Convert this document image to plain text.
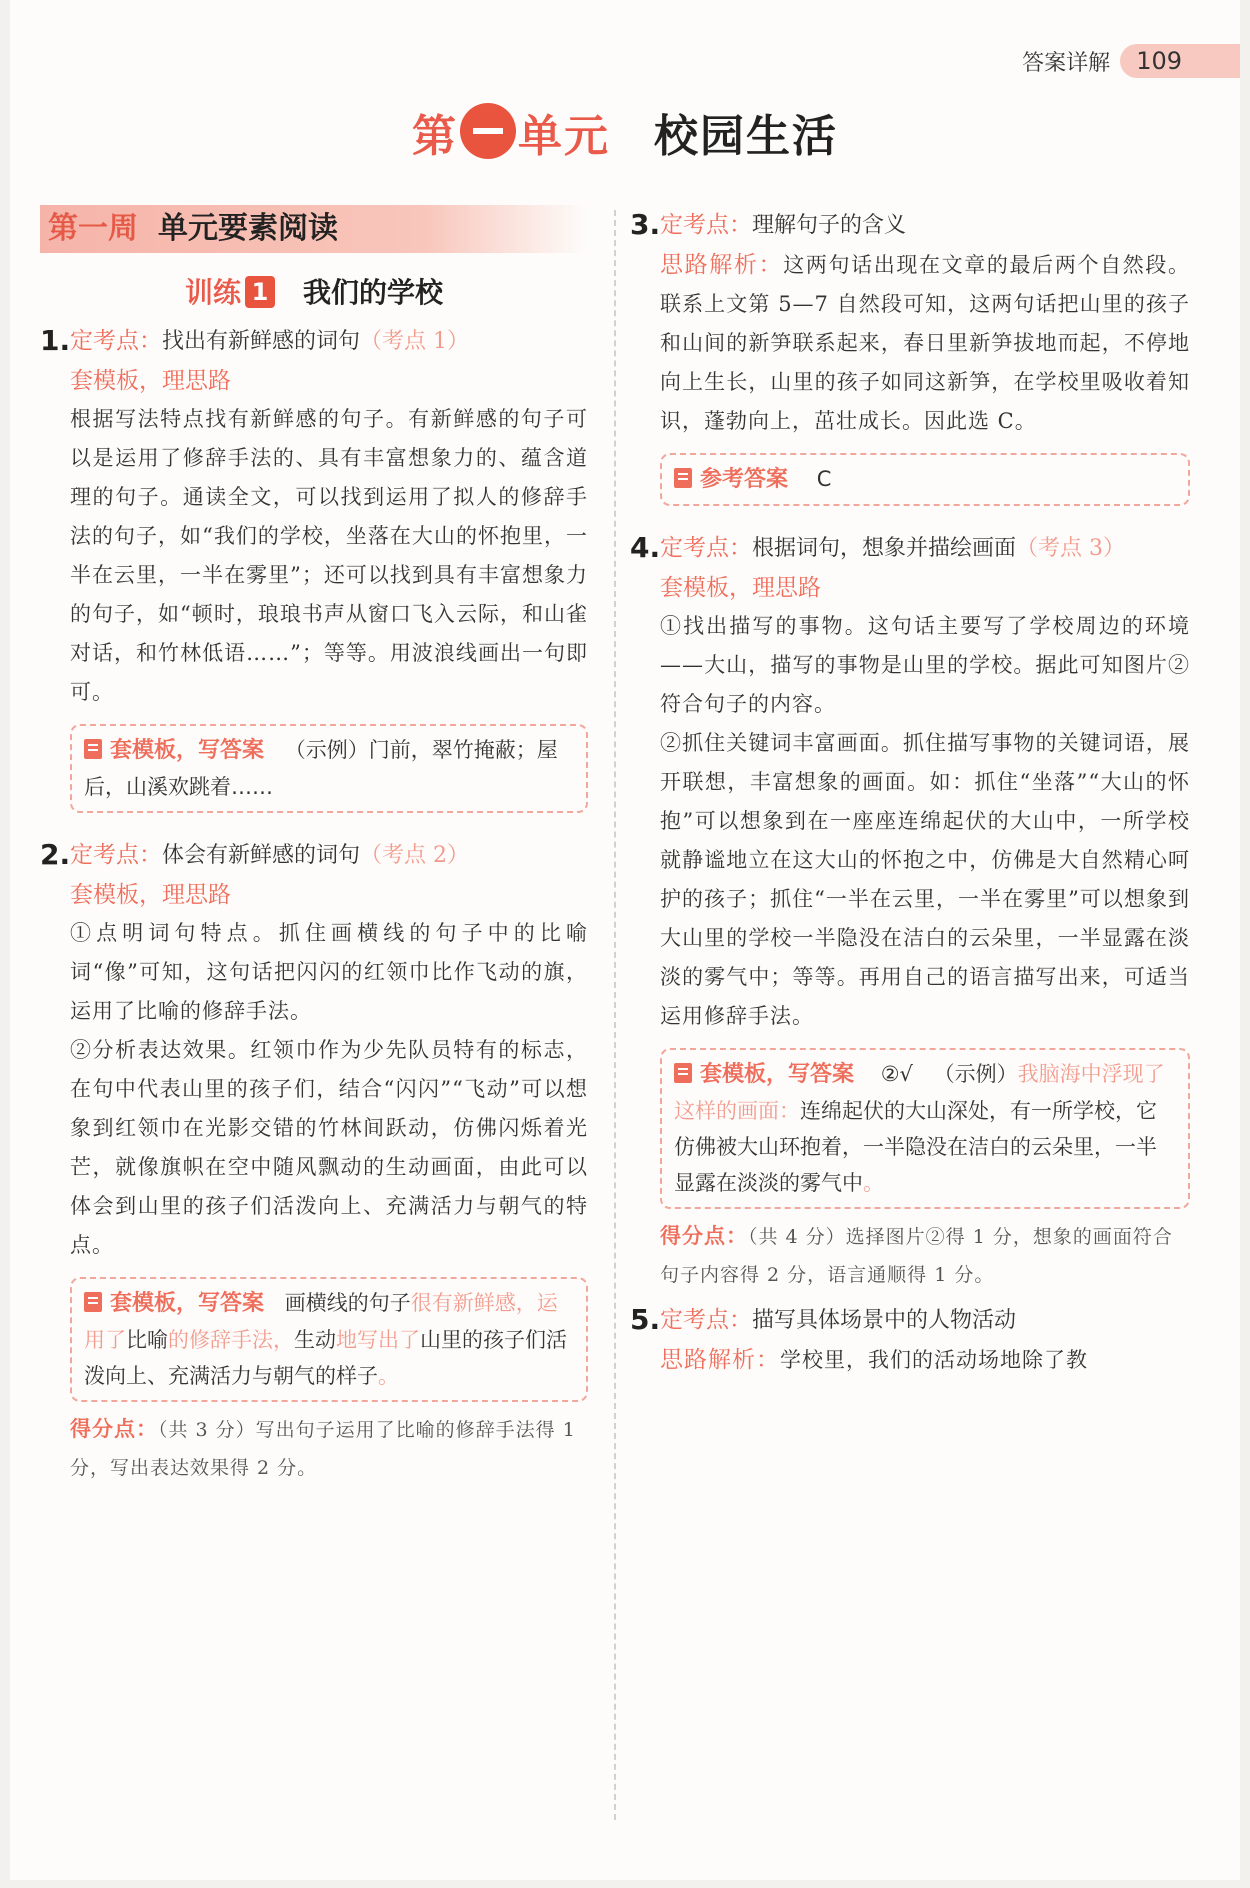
答案详解	109
第 单元 校园生活
第一周 单元要素阅读
训练 1 我们的学校
1. 定考点：找出有新鲜感的词句（考点 1）
套模板，理思路

根据写法特点找有新鲜感的句子。有新鲜感的句子可以是运用了修辞手法的、具有丰富想象力的、蕴含道理的句子。通读全文，可以找到运用了拟人的修辞手法的句子，如“我们的学校，坐落在大山的怀抱里，一半在云里，一半在雾里”；还可以找到具有丰富想象力的句子，如“顿时，琅琅书声从窗口飞入云际，和山雀对话，和竹林低语……”；等等。用波浪线画出一句即可。

套模板，写答案 （示例）门前，翠竹掩蔽；屋后，山溪欢跳着……
2. 定考点：体会有新鲜感的词句（考点 2）
套模板，理思路

①点明词句特点。抓住画横线的句子中的比喻词“像”可知，这句话把闪闪的红领巾比作飞动的旗，运用了比喻的修辞手法。

②分析表达效果。红领巾作为少先队员特有的标志，在句中代表山里的孩子们，结合“闪闪”“飞动”可以想象到红领巾在光影交错的竹林间跃动，仿佛闪烁着光芒，就像旗帜在空中随风飘动的生动画面，由此可以体会到山里的孩子们活泼向上、充满活力与朝气的特点。

套模板，写答案 画横线的句子很有新鲜感，运用了比喻的修辞手法，生动地写出了山里的孩子们活泼向上、充满活力与朝气的样子。
得分点：（共 3 分）写出句子运用了比喻的修辞手法得 1 分，写出表达效果得 2 分。
3. 定考点：理解句子的含义

思路解析：这两句话出现在文章的最后两个自然段。联系上文第 5—7 自然段可知，这两句话把山里的孩子和山间的新笋联系起来，春日里新笋拔地而起，不停地向上生长，山里的孩子如同这新笋，在学校里吸收着知识，蓬勃向上，茁壮成长。因此选 C。

参考答案 C
4. 定考点：根据词句，想象并描绘画面（考点 3）
套模板，理思路

①找出描写的事物。这句话主要写了学校周边的环境——大山，描写的事物是山里的学校。据此可知图片②符合句子的内容。

②抓住关键词丰富画面。抓住描写事物的关键词语，展开联想，丰富想象的画面。如：抓住“坐落”“大山的怀抱”可以想象到在一座座连绵起伏的大山中，一所学校就静谧地立在这大山的怀抱之中，仿佛是大自然精心呵护的孩子；抓住“一半在云里，一半在雾里”可以想象到大山里的学校一半隐没在洁白的云朵里，一半显露在淡淡的雾气中；等等。再用自己的语言描写出来，可适当运用修辞手法。

套模板，写答案 ②√ （示例）我脑海中浮现了这样的画面：连绵起伏的大山深处，有一所学校，它仿佛被大山环抱着，一半隐没在洁白的云朵里，一半显露在淡淡的雾气中。
得分点：（共 4 分）选择图片②得 1 分，想象的画面符合句子内容得 2 分，语言通顺得 1 分。
5. 定考点：描写具体场景中的人物活动

思路解析：学校里，我们的活动场地除了教
